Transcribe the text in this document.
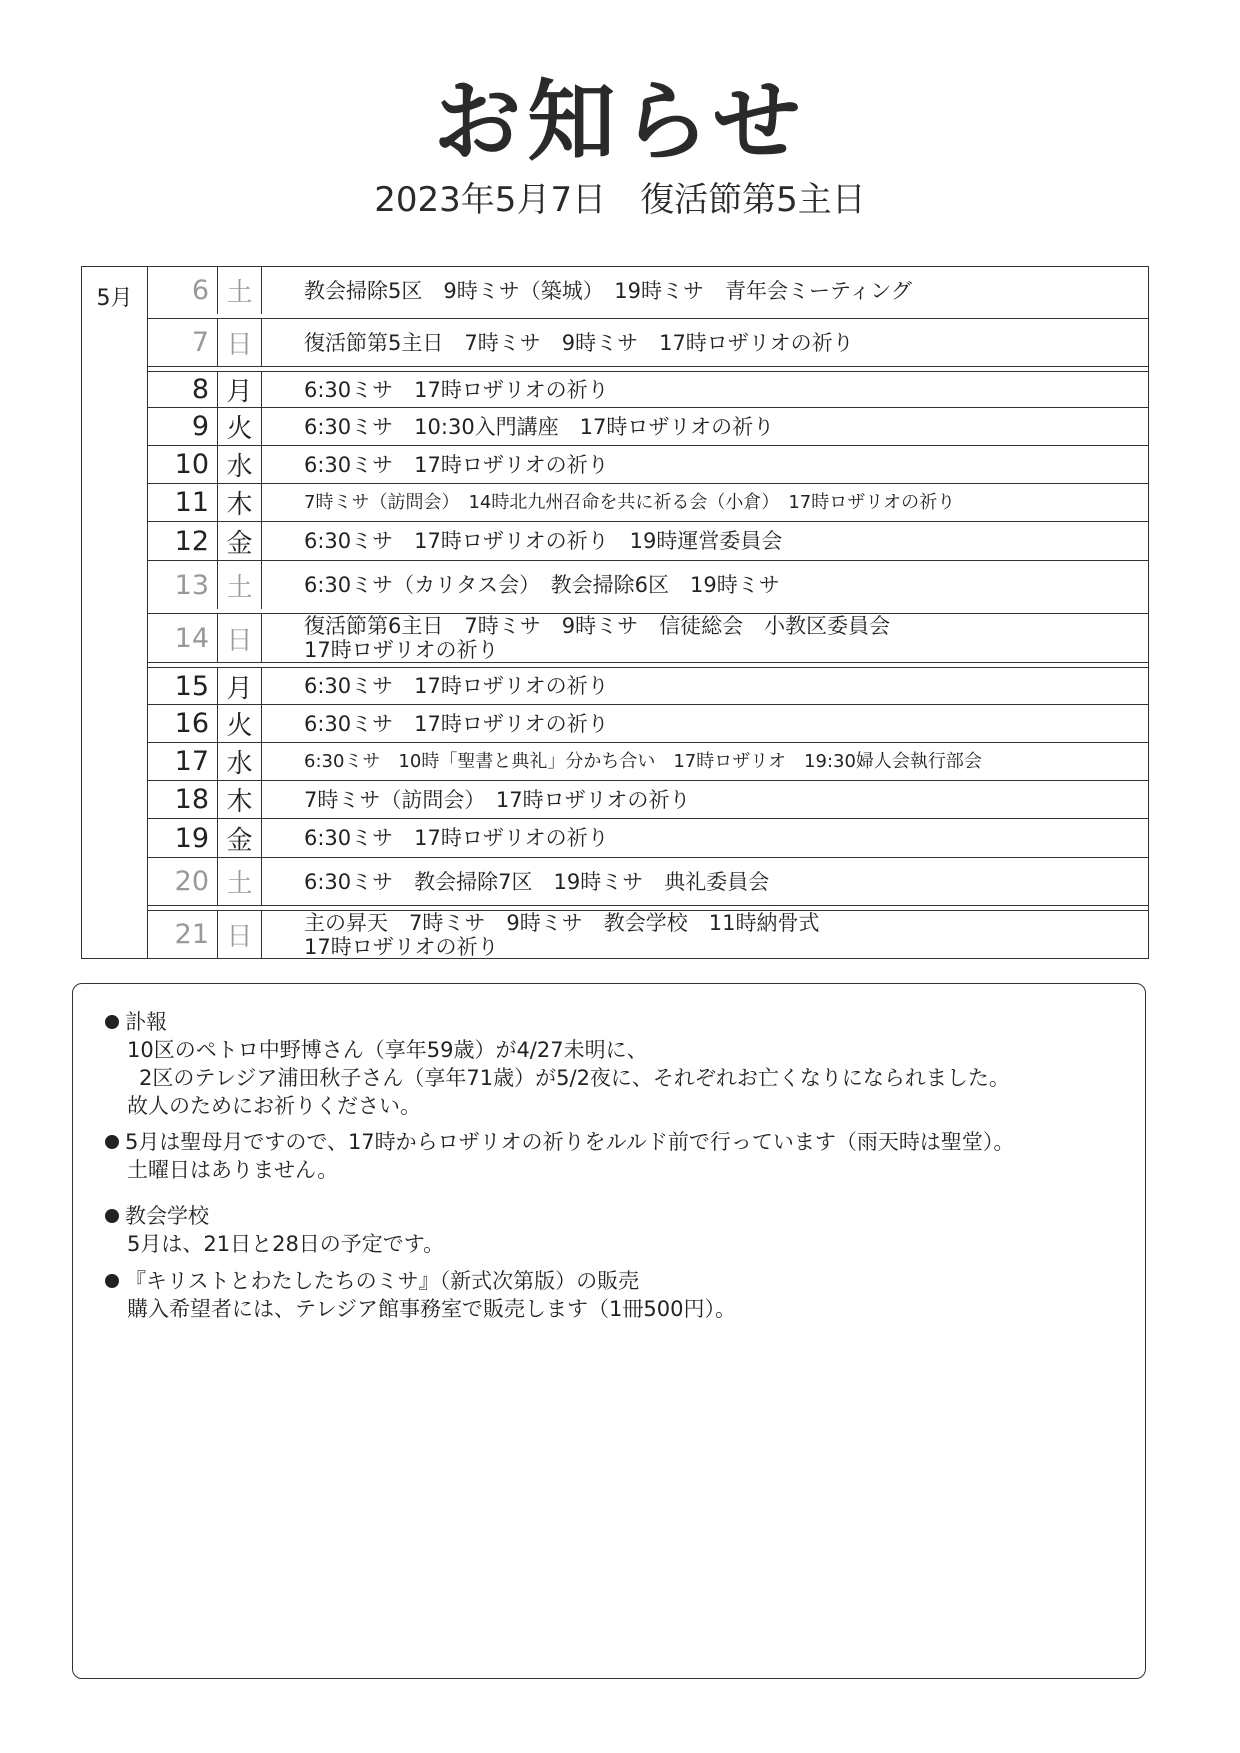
お知らせ
2023年5月7日　復活節第5主日
5月	6 土	教会掃除5区　9時ミサ（築城）　19時ミサ　青年会ミーティング
7 日	復活節第5主日　7時ミサ　9時ミサ　17時ロザリオの祈り
8 月	6:30ミサ　17時ロザリオの祈り
9 火	6:30ミサ　10:30入門講座　17時ロザリオの祈り
10 水	6:30ミサ　17時ロザリオの祈り
11 木	7時ミサ（訪問会）　14時北九州召命を共に祈る会（小倉）　17時ロザリオの祈り
12 金	6:30ミサ　17時ロザリオの祈り　19時運営委員会
13 土	6:30ミサ（カリタス会）　教会掃除6区　19時ミサ
14 日	復活節第6主日　7時ミサ　9時ミサ　信徒総会　小教区委員会
17時ロザリオの祈り
15 月	6:30ミサ　17時ロザリオの祈り
16 火	6:30ミサ　17時ロザリオの祈り
17 水	6:30ミサ　10時「聖書と典礼」分かち合い　17時ロザリオ　19:30婦人会執行部会
18 木	7時ミサ（訪問会）　17時ロザリオの祈り
19 金	6:30ミサ　17時ロザリオの祈り
20 土	6:30ミサ　教会掃除7区　19時ミサ　典礼委員会
21 日	主の昇天　7時ミサ　9時ミサ　教会学校　11時納骨式
17時ロザリオの祈り
訃報
10区のペトロ中野博さん（享年59歳）が4/27未明に、
2区のテレジア浦田秋子さん（享年71歳）が5/2夜に、それぞれお亡くなりになられました。
故人のためにお祈りください。
5月は聖母月ですので、17時からロザリオの祈りをルルド前で行っています（雨天時は聖堂）。
土曜日はありません。
教会学校
5月は、21日と28日の予定です。
『キリストとわたしたちのミサ』（新式次第版）の販売
購入希望者には、テレジア館事務室で販売します（1冊500円）。
